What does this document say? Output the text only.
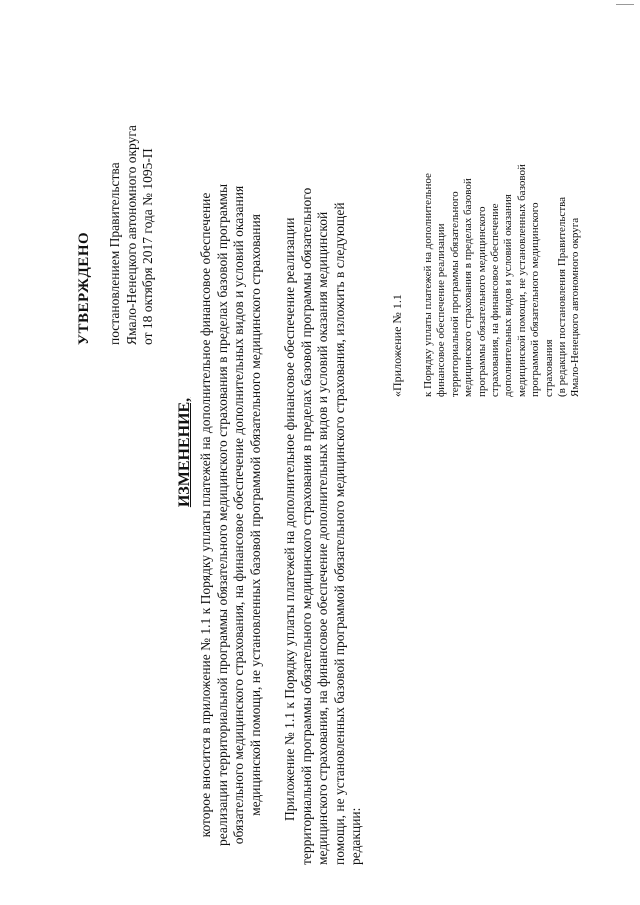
УТВЕРЖДЕНО постановлением Правительства Ямало-Ненецкого автономного округа от 18 октября 2017 года № 1095-П
ИЗМЕНЕНИЕ, которое вносится в приложение № 1.1 к Порядку уплаты платежей на дополнительное финансовое обеспечение реализации территориальной программы обязательного медицинского страхования в пределах базовой программы обязательного медицинского страхования, на финансовое обеспечение дополнительных видов и условий оказания медицинской помощи, не установленных базовой программой обязательного медицинского страхования Приложение № 1.1 к Порядку уплаты платежей на дополнительное финансовое обеспечение реализации территориальной программы обязательного медицинского страхования в пределах базовой программы обязательного медицинского страхования, на финансовое обеспечение дополнительных видов и условий оказания медицинской помощи, не установленных базовой программой обязательного медицинского страхования, изложить в следующей редакции:
«Приложение № 1.1 к Порядку уплаты платежей на дополнительное финансовое обеспечение реализации территориальной программы обязательного медицинского страхования в пределах базовой программы обязательного медицинского страхования, на финансовое обеспечение дополнительных видов и условий оказания медицинской помощи, не установленных базовой программой обязательного медицинского страхования (в редакции постановления Правительства Ямало-Ненецкого автономного округа
